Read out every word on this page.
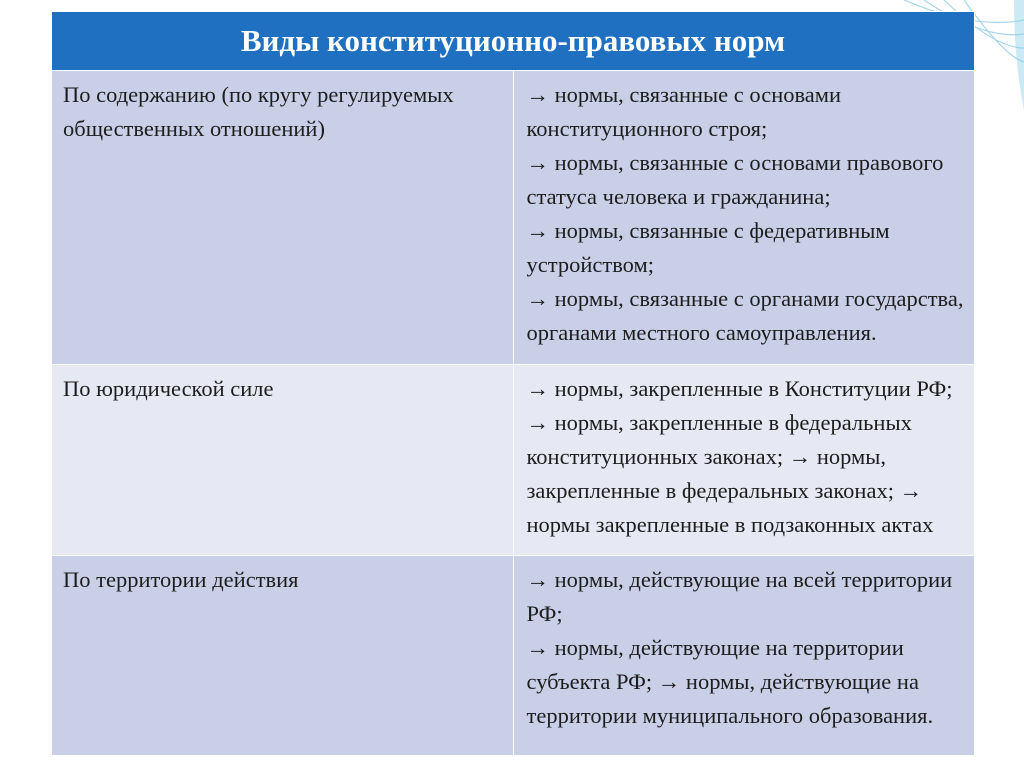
Виды конституционно-правовых норм	
По содержанию (по кругу регулируемых общественных отношений)	→ нормы, связанные с основами конституционного строя;
→ нормы, связанные с основами правового статуса человека и гражданина;
→ нормы, связанные с федеративным устройством;
→ нормы, связанные с органами государства, органами местного самоуправления.
По юридической силе	→ нормы, закрепленные в Конституции РФ; → нормы, закрепленные в федеральных конституционных законах; → нормы, закрепленные в федеральных законах; → нормы закрепленные в подзаконных актах
По территории действия	→ нормы, действующие на всей территории РФ;
→ нормы, действующие на территории субъекта РФ; → нормы, действующие на территории муниципального образования.
